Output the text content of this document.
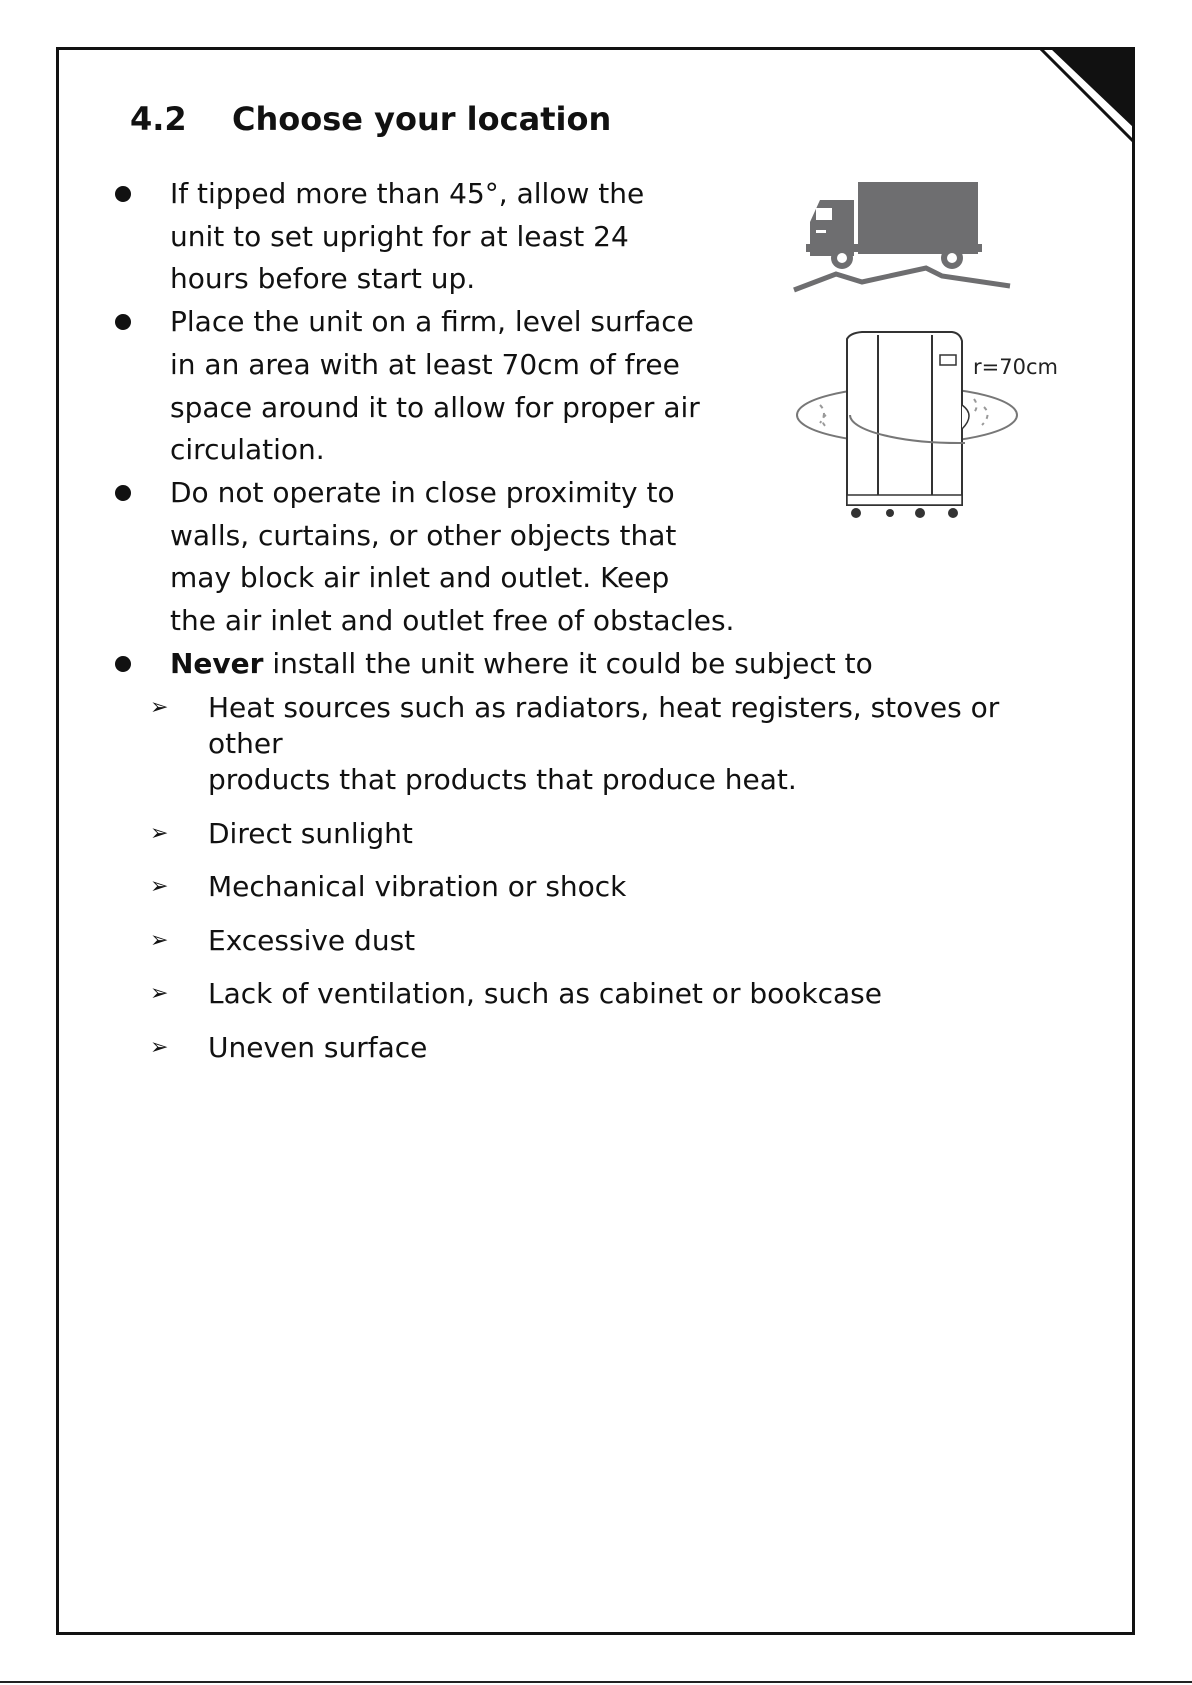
4.2 Choose your location
If tipped more than 45°, allow the
unit to set upright for at least 24
hours before start up.
Place the unit on a firm, level surface
in an area with at least 70cm of free
space around it to allow for proper air
circulation.
Do not operate in close proximity to
walls, curtains, or other objects that
may block air inlet and outlet. Keep
the air inlet and outlet free of obstacles.
Never install the unit where it could be subject to
➢ Heat sources such as radiators, heat registers, stoves or other
products that products that produce heat.
➢ Direct sunlight
➢ Mechanical vibration or shock
➢ Excessive dust
➢ Lack of ventilation, such as cabinet or bookcase
➢ Uneven surface
r=70cm
